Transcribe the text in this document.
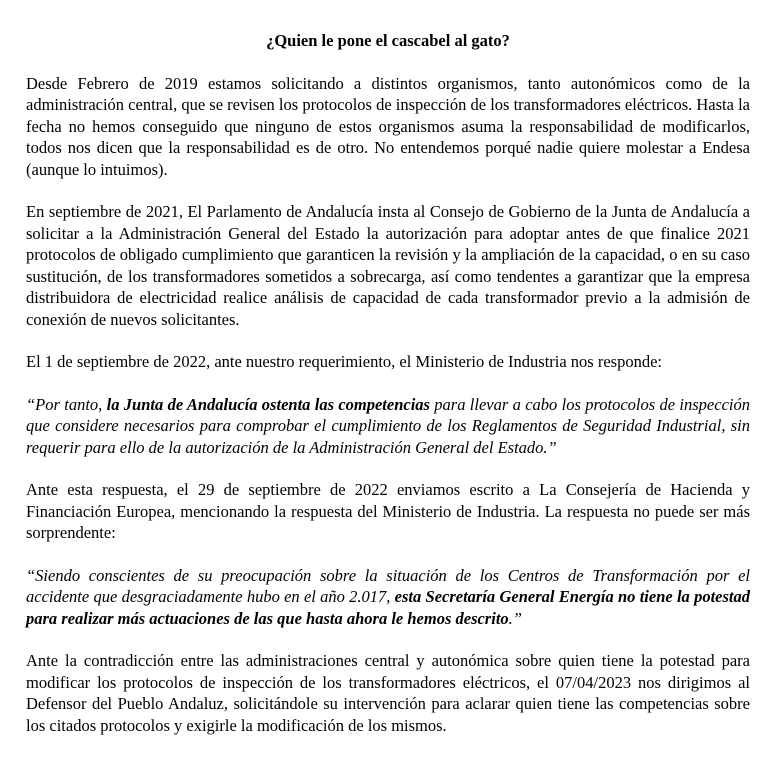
¿Quien le pone el cascabel al gato?

Desde Febrero de 2019 estamos solicitando a distintos organismos, tanto autonómicos como de la administración central, que se revisen los protocolos de inspección de los transformadores eléctricos. Hasta la fecha no hemos conseguido que ninguno de estos organismos asuma la responsabilidad de modificarlos, todos nos dicen que la responsabilidad es de otro. No entendemos porqué nadie quiere molestar a Endesa (aunque lo intuimos).

En septiembre de 2021, El Parlamento de Andalucía insta al Consejo de Gobierno de la Junta de Andalucía a solicitar a la Administración General del Estado la autorización para adoptar antes de que finalice 2021 protocolos de obligado cumplimiento que garanticen la revisión y la ampliación de la capacidad, o en su caso sustitución, de los transformadores sometidos a sobrecarga, así como tendentes a garantizar que la empresa distribuidora de electricidad realice análisis de capacidad de cada transformador previo a la admisión de conexión de nuevos solicitantes.

El 1 de septiembre de 2022, ante nuestro requerimiento, el Ministerio de Industria nos responde:

“Por tanto, la Junta de Andalucía ostenta las competencias para llevar a cabo los protocolos de inspección que considere necesarios para comprobar el cumplimiento de los Reglamentos de Seguridad Industrial, sin requerir para ello de la autorización de la Administración General del Estado.”

Ante esta respuesta, el 29 de septiembre de 2022 enviamos escrito a La Consejería de Hacienda y Financiación Europea, mencionando la respuesta del Ministerio de Industria. La respuesta no puede ser más sorprendente:

“Siendo conscientes de su preocupación sobre la situación de los Centros de Transformación por el accidente que desgraciadamente hubo en el año 2.017, esta Secretaría General Energía no tiene la potestad para realizar más actuaciones de las que hasta ahora le hemos descrito.”

Ante la contradicción entre las administraciones central y autonómica sobre quien tiene la potestad para modificar los protocolos de inspección de los transformadores eléctricos, el 07/04/2023 nos dirigimos al Defensor del Pueblo Andaluz, solicitándole su intervención para aclarar quien tiene las competencias sobre los citados protocolos y exigirle la modificación de los mismos.
